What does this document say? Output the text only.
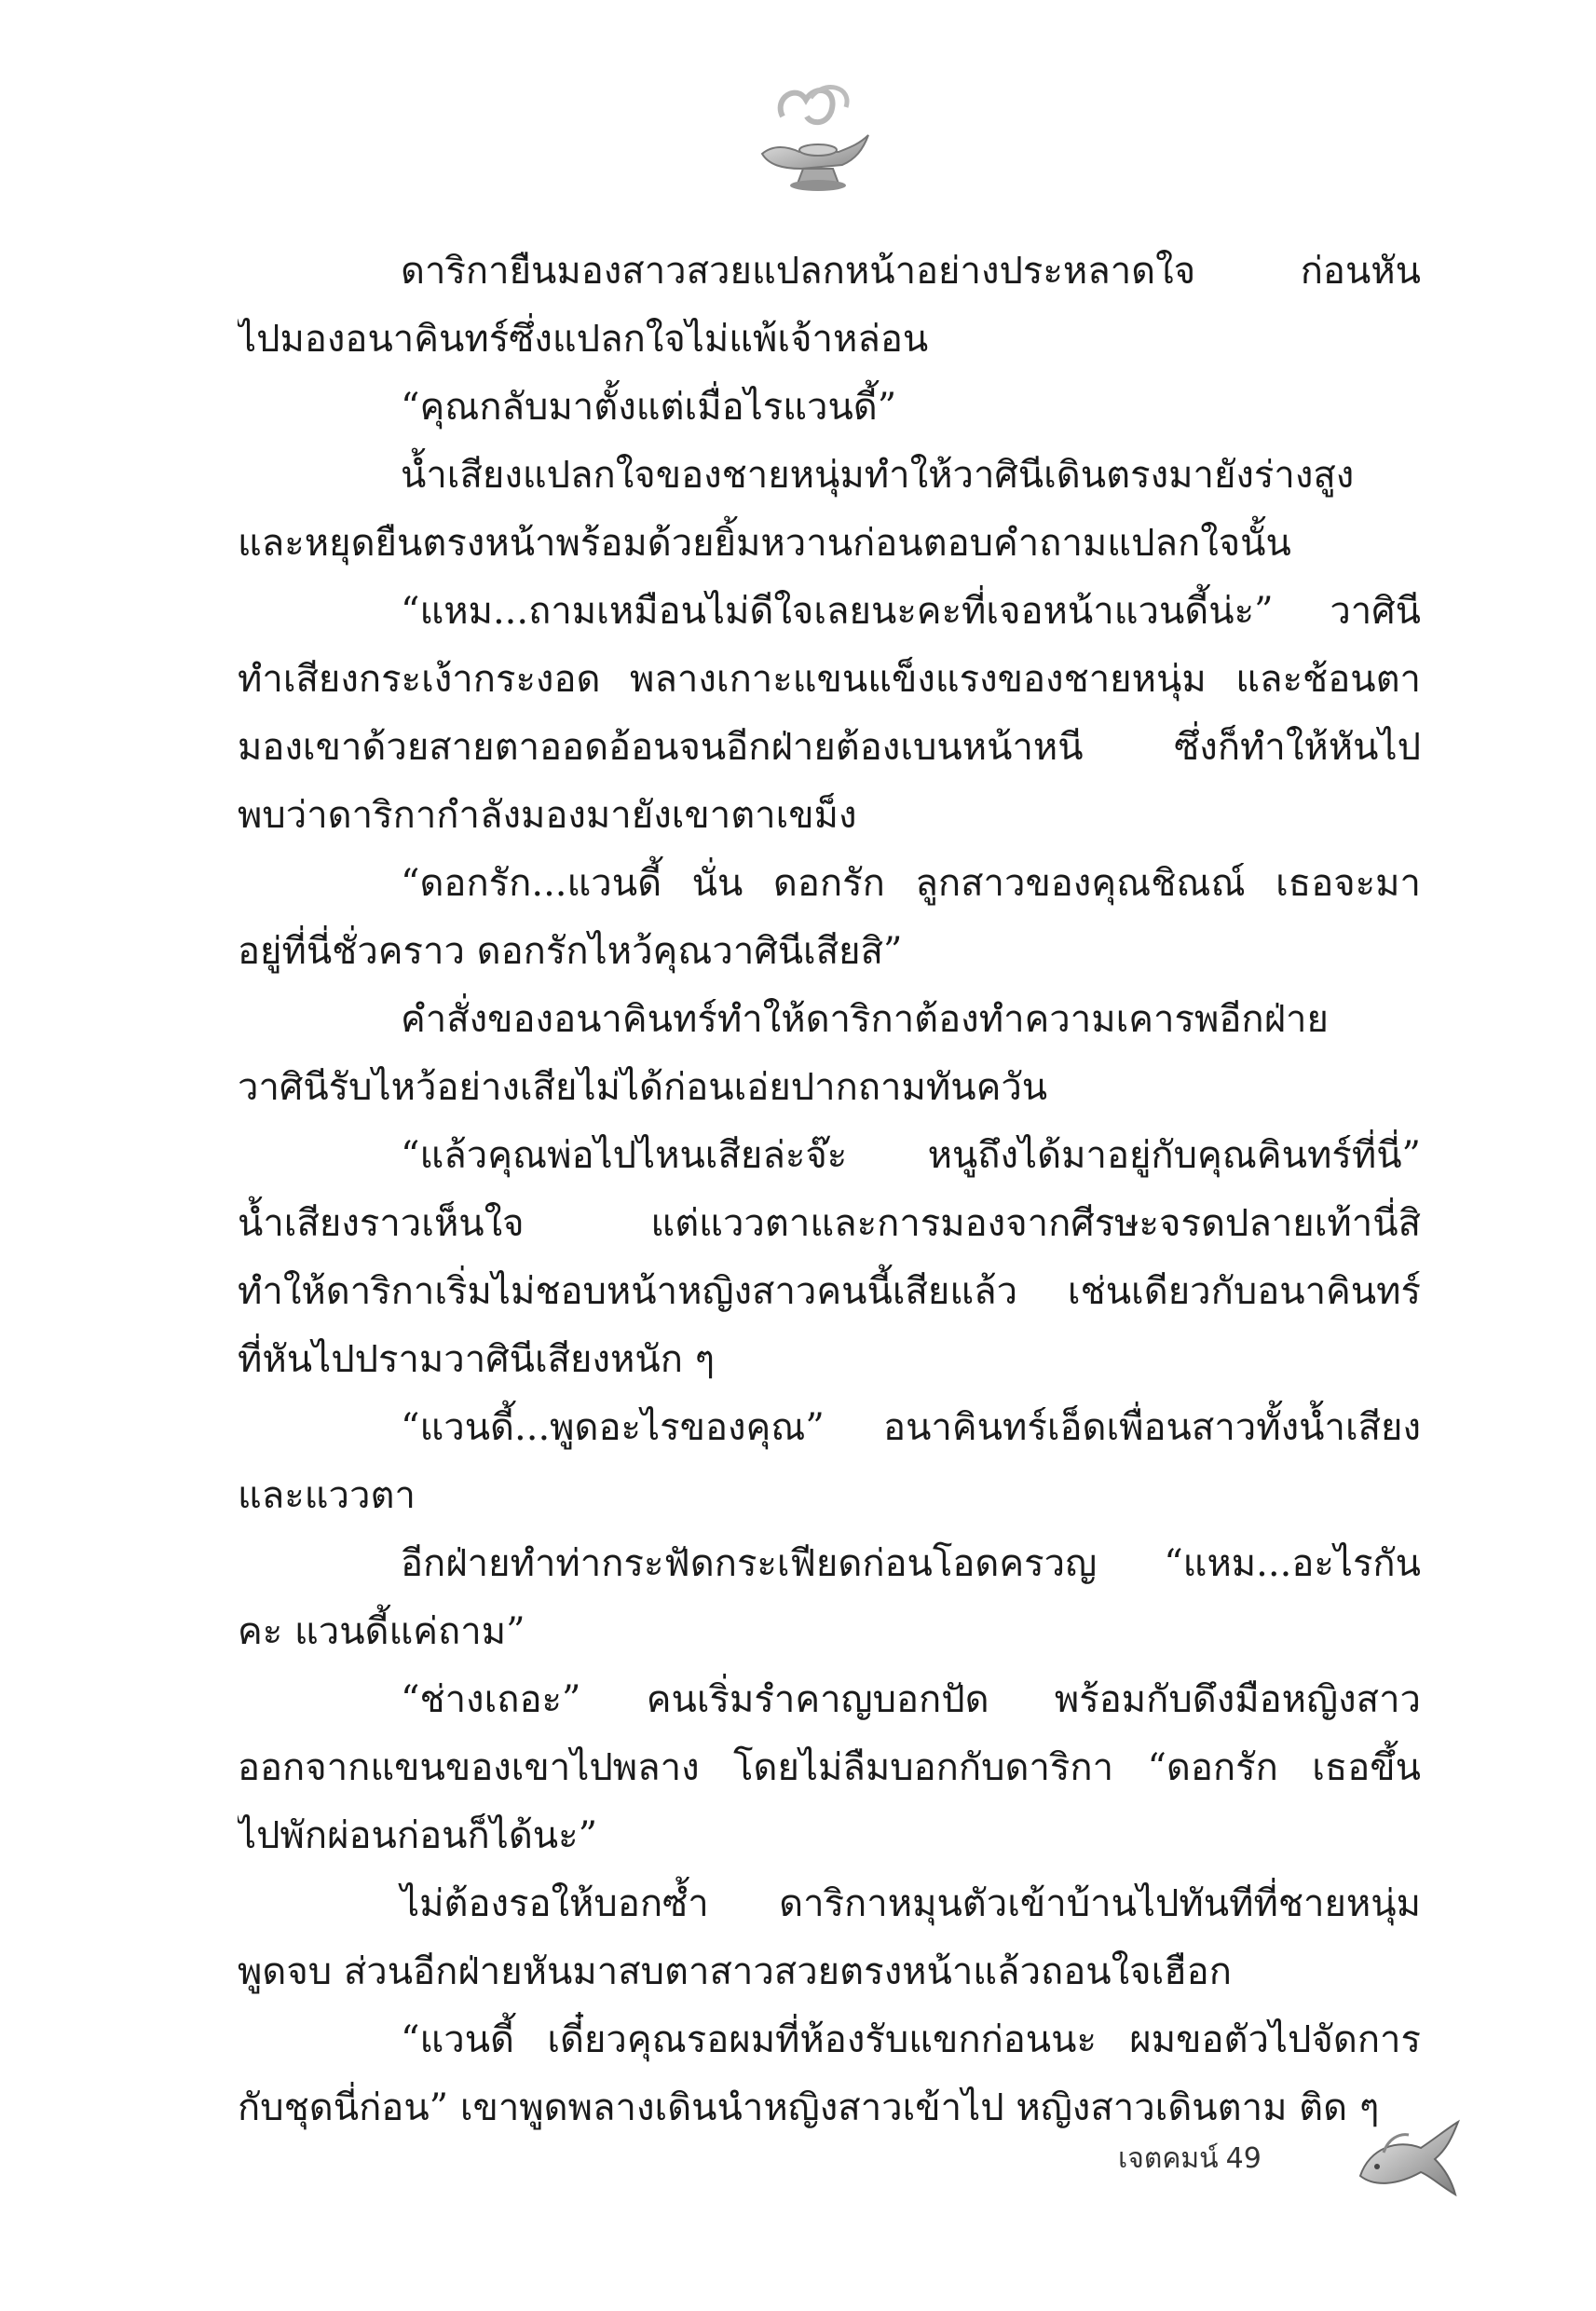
ดาริกายืนมองสาวสวยแปลกหน้าอย่างประหลาดใจ ก่อนหัน
ไปมองอนาคินทร์ซึ่งแปลกใจไม่แพ้เจ้าหล่อน
“คุณกลับมาตั้งแต่เมื่อไรแวนดี้”
น้ำเสียงแปลกใจของชายหนุ่มทำให้วาศินีเดินตรงมายังร่างสูง
และหยุดยืนตรงหน้าพร้อมด้วยยิ้มหวานก่อนตอบคำถามแปลกใจนั้น
“แหม...ถามเหมือนไม่ดีใจเลยนะคะที่เจอหน้าแวนดี้น่ะ” วาศินี
ทำเสียงกระเง้ากระงอด พลางเกาะแขนแข็งแรงของชายหนุ่ม และช้อนตา
มองเขาด้วยสายตาออดอ้อนจนอีกฝ่ายต้องเบนหน้าหนี ซึ่งก็ทำให้หันไป
พบว่าดาริกากำลังมองมายังเขาตาเขม็ง
“ดอกรัก...แวนดี้ นั่น ดอกรัก ลูกสาวของคุณชิณณ์ เธอจะมา
อยู่ที่นี่ชั่วคราว ดอกรักไหว้คุณวาศินีเสียสิ”
คำสั่งของอนาคินทร์ทำให้ดาริกาต้องทำความเคารพอีกฝ่าย
วาศินีรับไหว้อย่างเสียไม่ได้ก่อนเอ่ยปากถามทันควัน
“แล้วคุณพ่อไปไหนเสียล่ะจ๊ะ หนูถึงได้มาอยู่กับคุณคินทร์ที่นี่”
น้ำเสียงราวเห็นใจ แต่แววตาและการมองจากศีรษะจรดปลายเท้านี่สิ
ทำให้ดาริกาเริ่มไม่ชอบหน้าหญิงสาวคนนี้เสียแล้ว เช่นเดียวกับอนาคินทร์
ที่หันไปปรามวาศินีเสียงหนัก ๆ
“แวนดี้...พูดอะไรของคุณ” อนาคินทร์เอ็ดเพื่อนสาวทั้งน้ำเสียง
และแววตา
อีกฝ่ายทำท่ากระฟัดกระเฟียดก่อนโอดครวญ “แหม...อะไรกัน
คะ แวนดี้แค่ถาม”
“ช่างเถอะ” คนเริ่มรำคาญบอกปัด พร้อมกับดึงมือหญิงสาว
ออกจากแขนของเขาไปพลาง โดยไม่ลืมบอกกับดาริกา “ดอกรัก เธอขึ้น
ไปพักผ่อนก่อนก็ได้นะ”
ไม่ต้องรอให้บอกซ้ำ ดาริกาหมุนตัวเข้าบ้านไปทันทีที่ชายหนุ่ม
พูดจบ ส่วนอีกฝ่ายหันมาสบตาสาวสวยตรงหน้าแล้วถอนใจเฮือก
“แวนดี้ เดี๋ยวคุณรอผมที่ห้องรับแขกก่อนนะ ผมขอตัวไปจัดการ
กับชุดนี่ก่อน” เขาพูดพลางเดินนำหญิงสาวเข้าไป หญิงสาวเดินตาม ติด ๆ
เจตคมน์ 49
